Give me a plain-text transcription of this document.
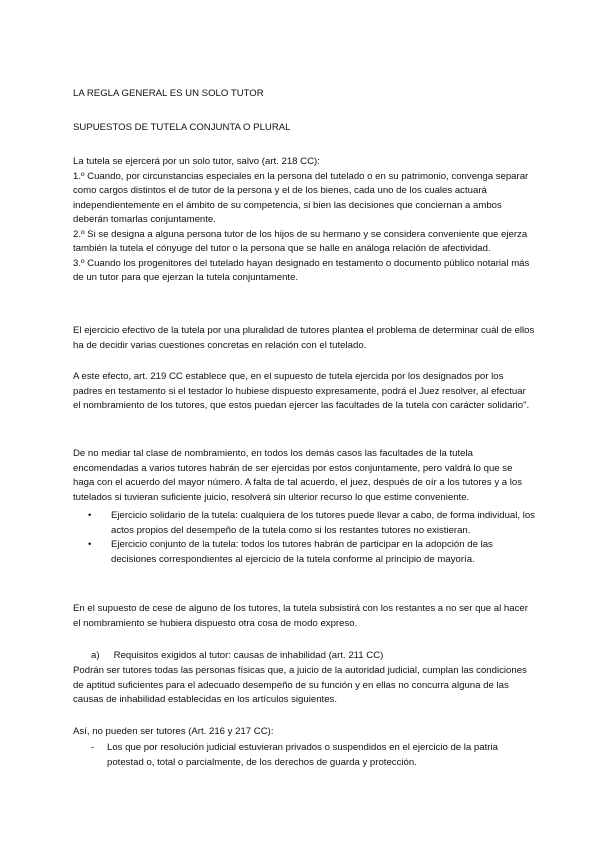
LA REGLA GENERAL ES UN SOLO TUTOR
SUPUESTOS DE TUTELA CONJUNTA O PLURAL

La tutela se ejercerá por un solo tutor, salvo (art. 218 CC):

1.º Cuando, por circunstancias especiales en la persona del tutelado o en su patrimonio, convenga separar como cargos distintos el de tutor de la persona y el de los bienes, cada uno de los cuales actuará independientemente en el ámbito de su competencia, si bien las decisiones que conciernan a ambos deberán tomarlas conjuntamente.

2.º Si se designa a alguna persona tutor de los hijos de su hermano y se considera conveniente que ejerza también la tutela el cónyuge del tutor o la persona que se halle en análoga relación de afectividad.

3.º Cuando los progenitores del tutelado hayan designado en testamento o documento público notarial más de un tutor para que ejerzan la tutela conjuntamente.

El ejercicio efectivo de la tutela por una pluralidad de tutores plantea el problema de determinar cuál de ellos ha de decidir varias cuestiones concretas en relación con el tutelado.

A este efecto, art. 219 CC establece que, en el supuesto de tutela ejercida por los designados por los padres en testamento si el testador lo hubiese dispuesto expresamente, podrá el Juez resolver, al efectuar el nombramiento de los tutores, que estos puedan ejercer las facultades de la tutela con carácter solidario".

De no mediar tal clase de nombramiento, en todos los demás casos las facultades de la tutela encomendadas a varios tutores habrán de ser ejercidas por estos conjuntamente, pero valdrá lo que se haga con el acuerdo del mayor número. A falta de tal acuerdo, el juez, después de oír a los tutores y a los tutelados si tuvieran suficiente juicio, resolverá sin ulterior recurso lo que estime conveniente.

•	Ejercicio solidario de la tutela: cualquiera de los tutores puede llevar a cabo, de forma individual, los actos propios del desempeño de la tutela como si los restantes tutores no existieran.
•	Ejercicio conjunto de la tutela: todos los tutores habrán de participar en la adopción de las decisiones correspondientes al ejercicio de la tutela conforme al principio de mayoría.

En el supuesto de cese de alguno de los tutores, la tutela subsistirá con los restantes a no ser que al hacer el nombramiento se hubiera dispuesto otra cosa de modo expreso.

a) Requisitos exigidos al tutor: causas de inhabilidad (art. 211 CC)

Podrán ser tutores todas las personas físicas que, a juicio de la autoridad judicial, cumplan las condiciones de aptitud suficientes para el adecuado desempeño de su función y en ellas no concurra alguna de las causas de inhabilidad establecidas en los artículos siguientes.

Así, no pueden ser tutores (Art. 216 y 217 CC):

- Los que por resolución judicial estuvieran privados o suspendidos en el ejercicio de la patria potestad o, total o parcialmente, de los derechos de guarda y protección.
